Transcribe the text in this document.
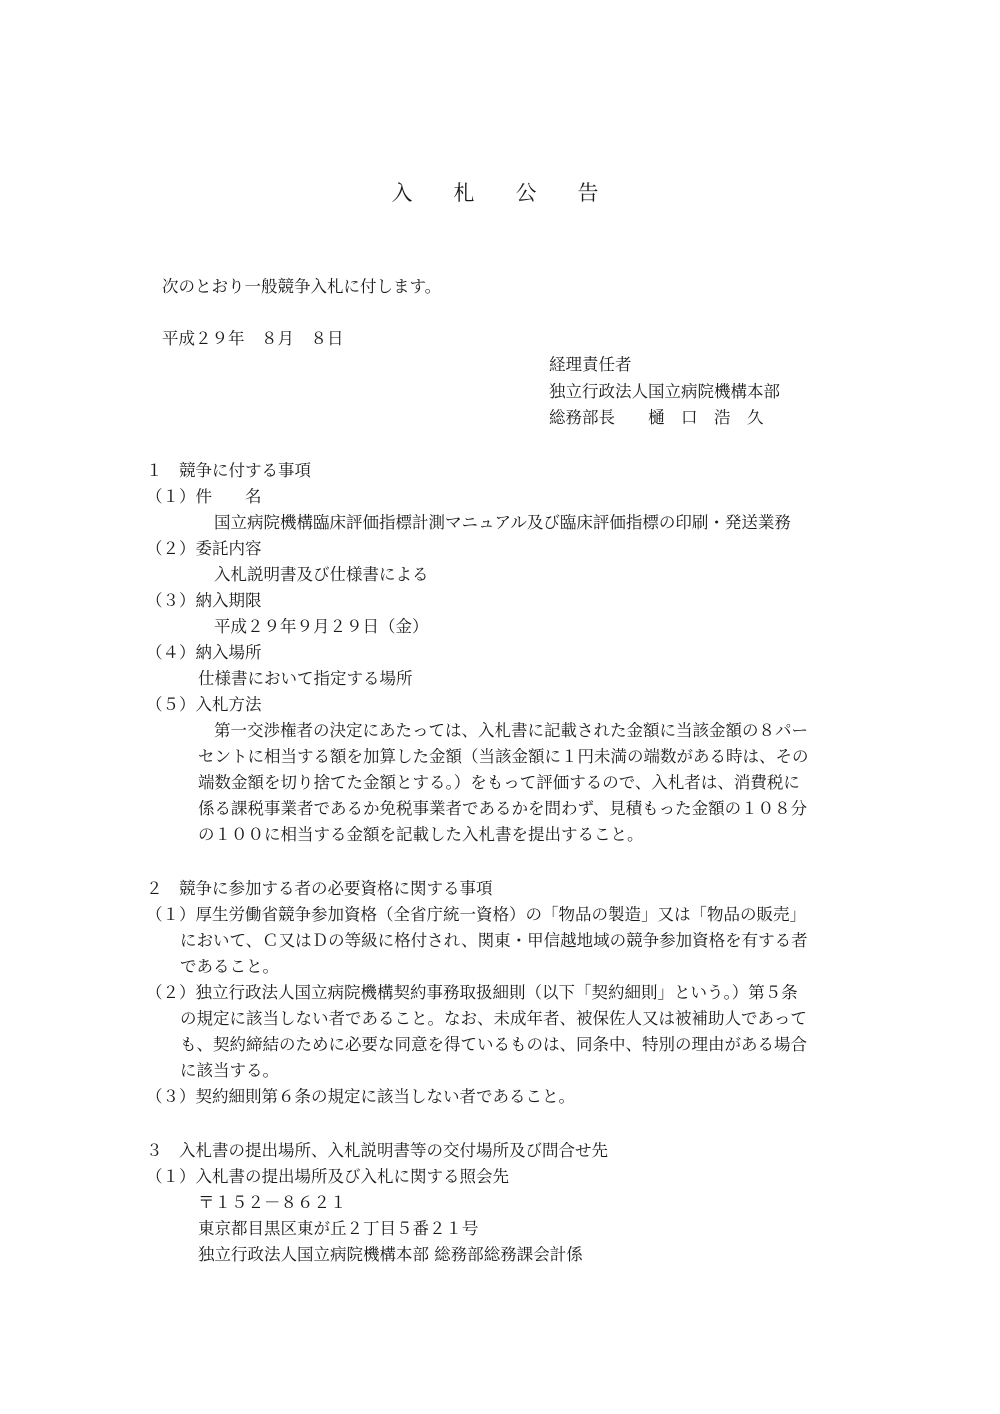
入　札　公　告
次のとおり一般競争入札に付します。
平成２９年　８月　８日
経理責任者
独立行政法人国立病院機構本部
総務部長　　樋　口　浩　久
１　競争に付する事項
（１）件　　名
国立病院機構臨床評価指標計測マニュアル及び臨床評価指標の印刷・発送業務
（２）委託内容
入札説明書及び仕様書による
（３）納入期限
平成２９年９月２９日（金）
（４）納入場所
仕様書において指定する場所
（５）入札方法
第一交渉権者の決定にあたっては、入札書に記載された金額に当該金額の８パー
セントに相当する額を加算した金額（当該金額に１円未満の端数がある時は、その
端数金額を切り捨てた金額とする。）をもって評価するので、入札者は、消費税に
係る課税事業者であるか免税事業者であるかを問わず、見積もった金額の１０８分
の１００に相当する金額を記載した入札書を提出すること。
２　競争に参加する者の必要資格に関する事項
（１）厚生労働省競争参加資格（全省庁統一資格）の「物品の製造」又は「物品の販売」
において、Ｃ又はＤの等級に格付され、関東・甲信越地域の競争参加資格を有する者
であること。
（２）独立行政法人国立病院機構契約事務取扱細則（以下「契約細則」という。）第５条
の規定に該当しない者であること。なお、未成年者、被保佐人又は被補助人であって
も、契約締結のために必要な同意を得ているものは、同条中、特別の理由がある場合
に該当する。
（３）契約細則第６条の規定に該当しない者であること。
３　入札書の提出場所、入札説明書等の交付場所及び問合せ先
（１）入札書の提出場所及び入札に関する照会先
〒１５２－８６２１
東京都目黒区東が丘２丁目５番２１号
独立行政法人国立病院機構本部 総務部総務課会計係
